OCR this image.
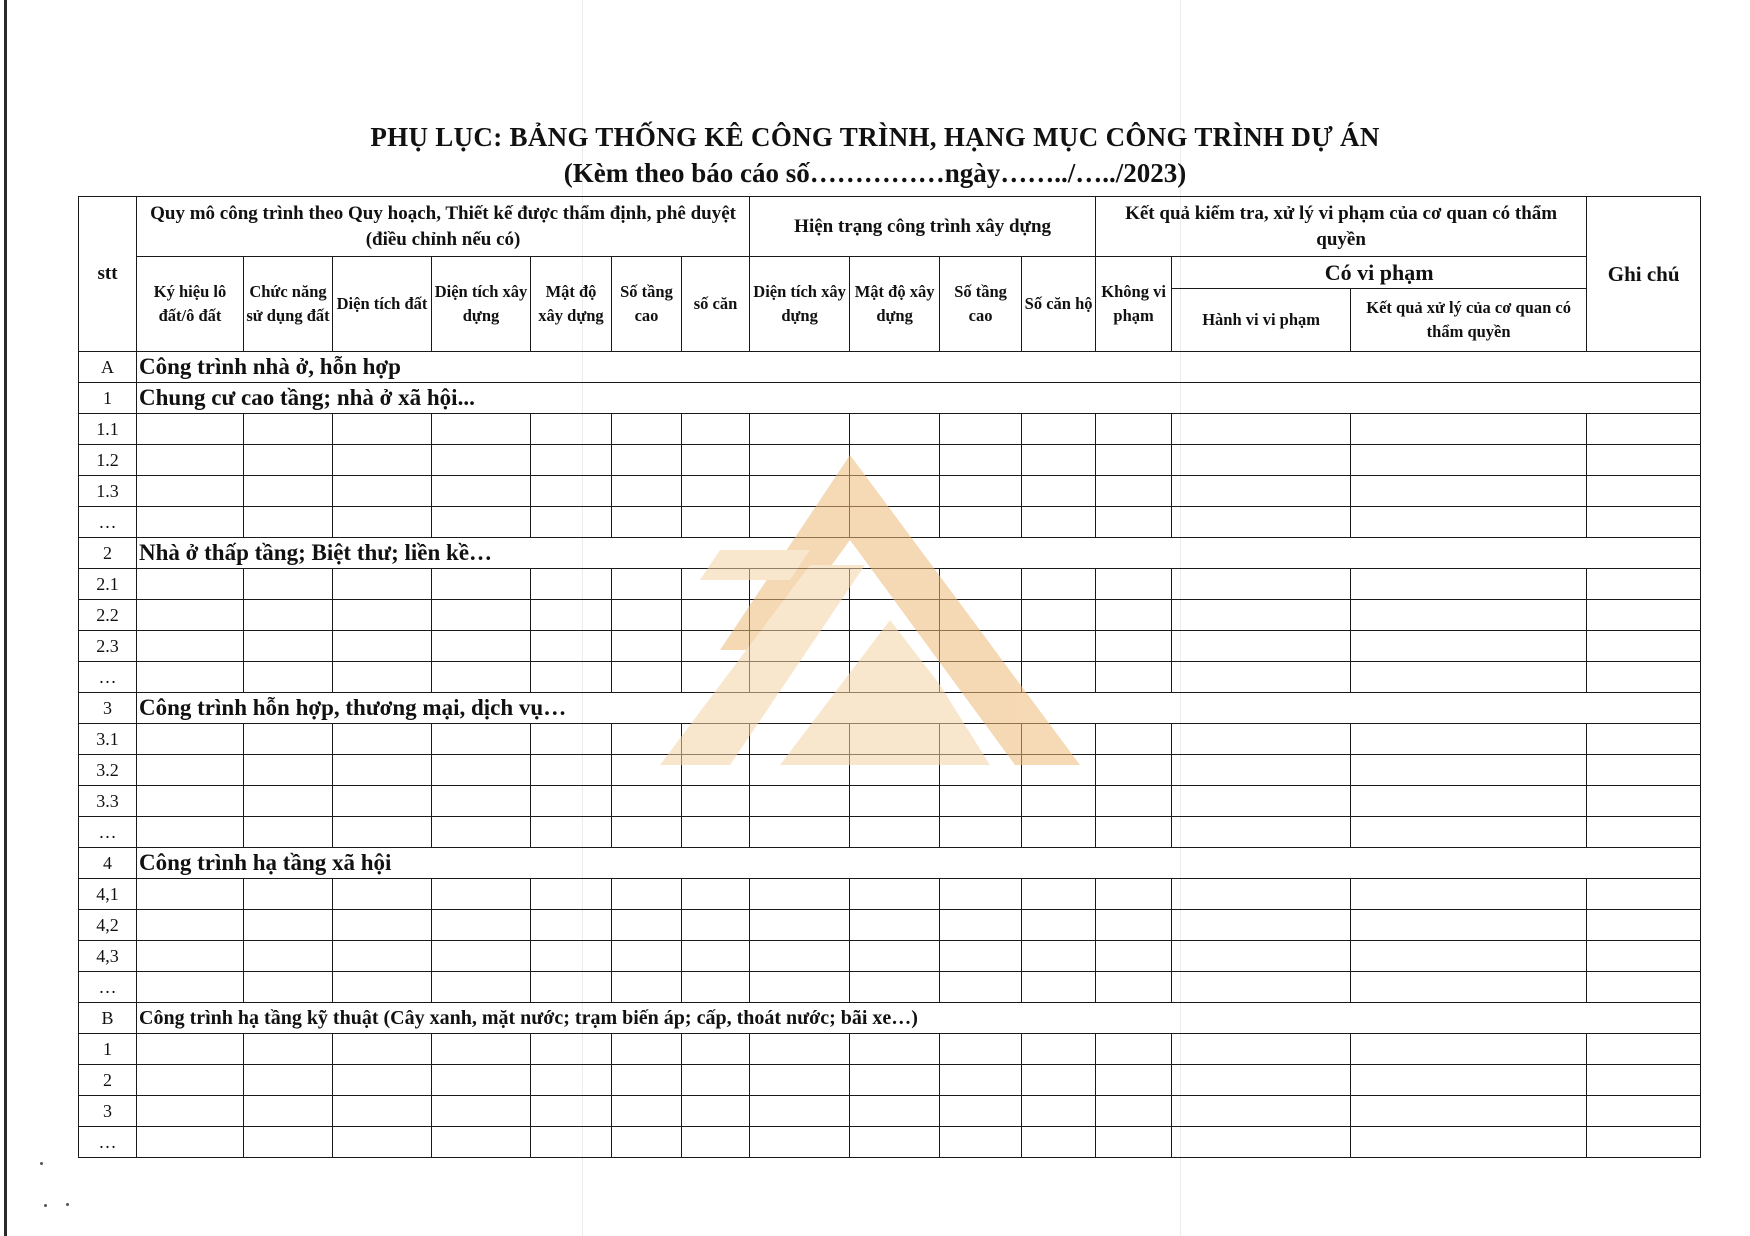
PHỤ LỤC: BẢNG THỐNG KÊ CÔNG TRÌNH, HẠNG MỤC CÔNG TRÌNH DỰ ÁN
(Kèm theo báo cáo số……………ngày……../…../2023)
stt	Quy mô công trình theo Quy hoạch, Thiết kế được thẩm định, phê duyệt (điều chỉnh nếu có)							Hiện trạng công trình xây dựng				Kết quả kiểm tra, xử lý vi phạm của cơ quan có thẩm quyền			Ghi chú
	Ký hiệu lô đất/ô đất	Chức năng sử dụng đất	Diện tích đất	Diện tích xây dựng	Mật độ xây dựng	Số tầng cao	số căn	Diện tích xây dựng	Mật độ xây dựng	Số tầng cao	Số căn hộ	Không vi phạm	Có vi phạm		
													Hành vi vi phạm	Kết quả xử lý của cơ quan có thẩm quyền	
A	Công trình nhà ở, hỗn hợp														
1	Chung cư cao tầng; nhà ở xã hội...														
1.1															
1.2															
1.3															
…															
2	Nhà ở thấp tầng; Biệt thư; liền kề…														
2.1															
2.2															
2.3															
…															
3	Công trình hỗn hợp, thương mại, dịch vụ…														
3.1															
3.2															
3.3															
…															
4	Công trình hạ tầng xã hội														
4,1															
4,2															
4,3															
…															
B	Công trình hạ tầng kỹ thuật (Cây xanh, mặt nước; trạm biến áp; cấp, thoát nước; bãi xe…)														
1															
2															
3															
…															
